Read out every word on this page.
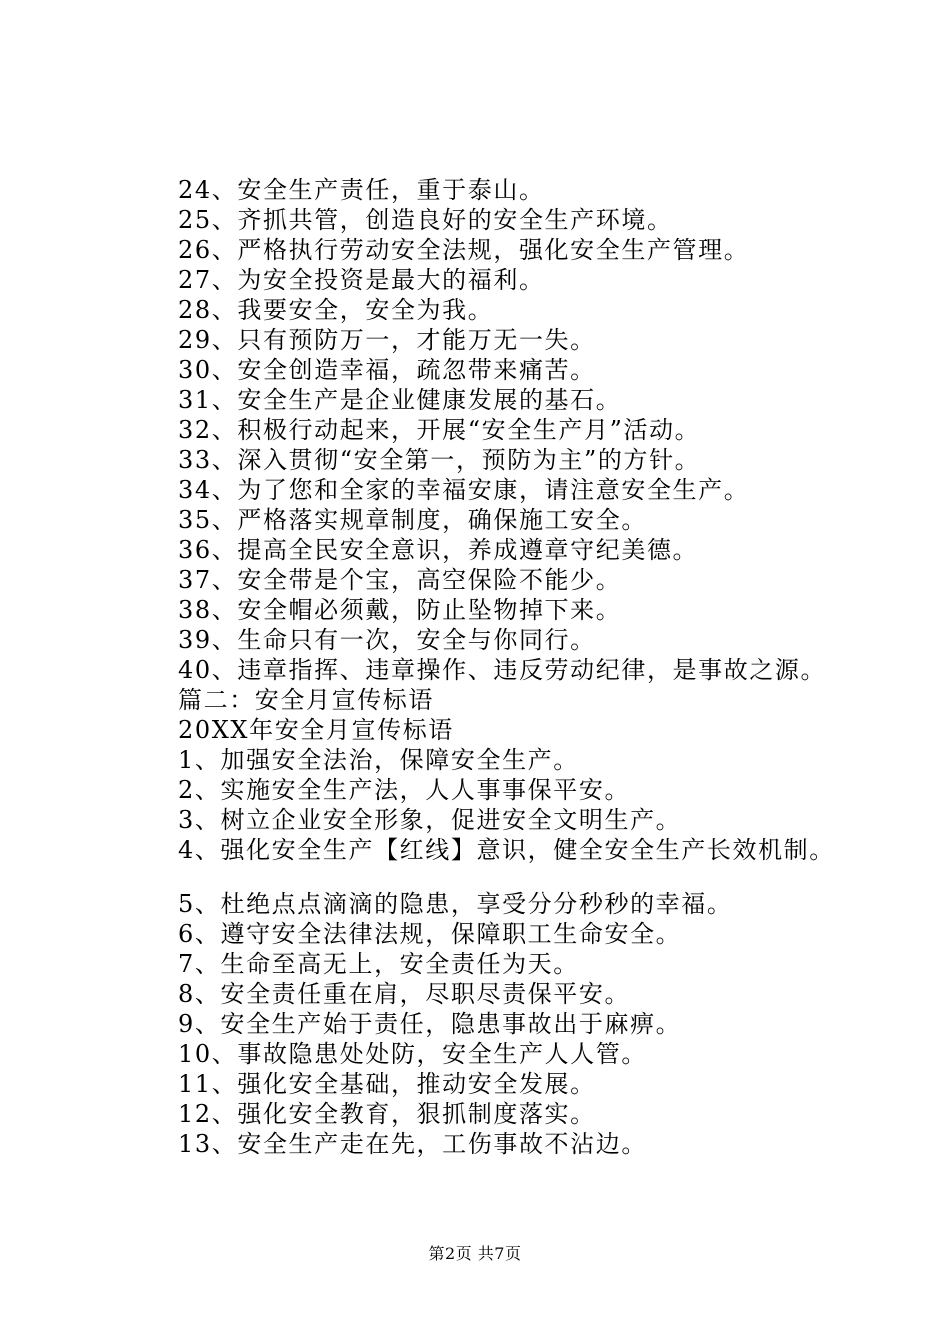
24、安全生产责任，重于泰山。
25、齐抓共管，创造良好的安全生产环境。
26、严格执行劳动安全法规，强化安全生产管理。
27、为安全投资是最大的福利。
28、我要安全，安全为我。
29、只有预防万一，才能万无一失。
30、安全创造幸福，疏忽带来痛苦。
31、安全生产是企业健康发展的基石。
32、积极行动起来，开展“安全生产月”活动。
33、深入贯彻“安全第一，预防为主”的方针。
34、为了您和全家的幸福安康，请注意安全生产。
35、严格落实规章制度，确保施工安全。
36、提高全民安全意识，养成遵章守纪美德。
37、安全带是个宝，高空保险不能少。
38、安全帽必须戴，防止坠物掉下来。
39、生命只有一次，安全与你同行。
40、违章指挥、违章操作、违反劳动纪律，是事故之源。
篇二：安全月宣传标语
20XX年安全月宣传标语
1、加强安全法治，保障安全生产。
2、实施安全生产法，人人事事保平安。
3、树立企业安全形象，促进安全文明生产。
4、强化安全生产【红线】意识，健全安全生产长效机制。
5、杜绝点点滴滴的隐患，享受分分秒秒的幸福。
6、遵守安全法律法规，保障职工生命安全。
7、生命至高无上，安全责任为天。
8、安全责任重在肩，尽职尽责保平安。
9、安全生产始于责任，隐患事故出于麻痹。
10、事故隐患处处防，安全生产人人管。
11、强化安全基础，推动安全发展。
12、强化安全教育，狠抓制度落实。
13、安全生产走在先，工伤事故不沾边。
第2页 共7页
